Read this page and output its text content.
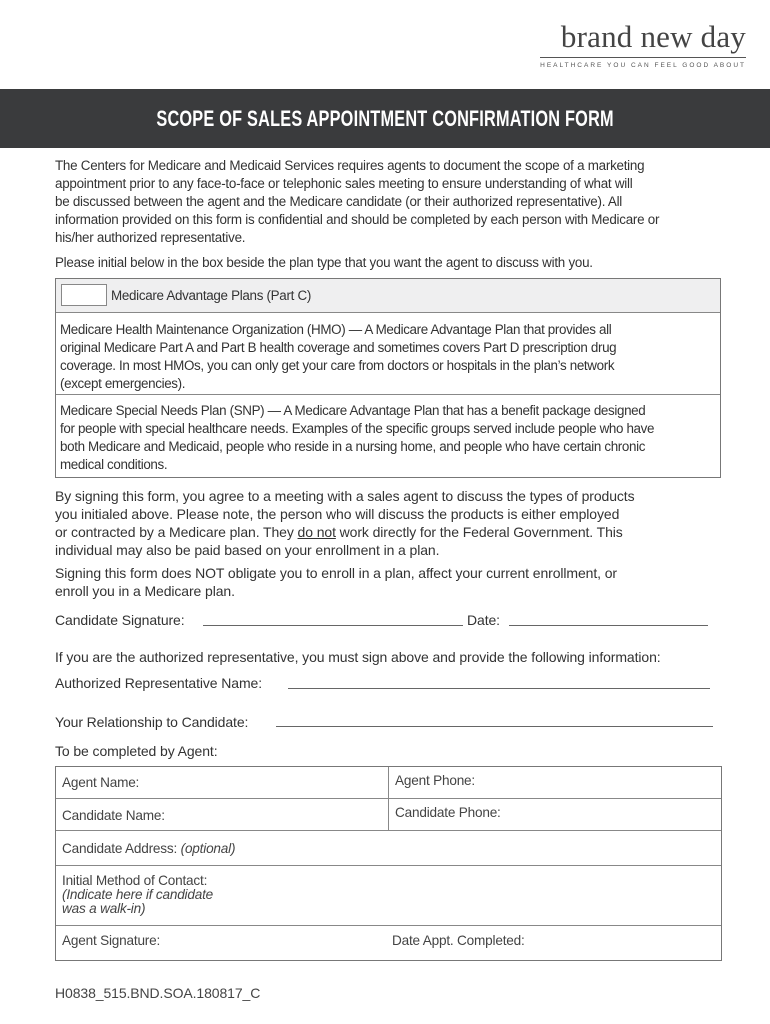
brand new day
HEALTHCARE YOU CAN FEEL GOOD ABOUT
SCOPE OF SALES APPOINTMENT CONFIRMATION FORM
The Centers for Medicare and Medicaid Services requires agents to document the scope of a marketing
appointment prior to any face-to-face or telephonic sales meeting to ensure understanding of what will
be discussed between the agent and the Medicare candidate (or their authorized representative). All
information provided on this form is confidential and should be completed by each person with Medicare or
his/her authorized representative.
Please initial below in the box beside the plan type that you want the agent to discuss with you.
Medicare Advantage Plans (Part C)
Medicare Health Maintenance Organization (HMO) — A Medicare Advantage Plan that provides all
original Medicare Part A and Part B health coverage and sometimes covers Part D prescription drug
coverage. In most HMOs, you can only get your care from doctors or hospitals in the plan’s network
(except emergencies).
Medicare Special Needs Plan (SNP) — A Medicare Advantage Plan that has a benefit package designed
for people with special healthcare needs. Examples of the specific groups served include people who have
both Medicare and Medicaid, people who reside in a nursing home, and people who have certain chronic
medical conditions.
By signing this form, you agree to a meeting with a sales agent to discuss the types of products
you initialed above. Please note, the person who will discuss the products is either employed
or contracted by a Medicare plan. They do not work directly for the Federal Government. This
individual may also be paid based on your enrollment in a plan.
Signing this form does NOT obligate you to enroll in a plan, affect your current enrollment, or
enroll you in a Medicare plan.
Candidate Signature:	Date:
If you are the authorized representative, you must sign above and provide the following information:
Authorized Representative Name:
Your Relationship to Candidate:
To be completed by Agent:
Agent Name:	Agent Phone:
Candidate Name:	Candidate Phone:
Candidate Address: (optional)
Initial Method of Contact:
(Indicate here if candidate
was a walk-in)
Agent Signature:	Date Appt. Completed:
H0838_515.BND.SOA.180817_C
